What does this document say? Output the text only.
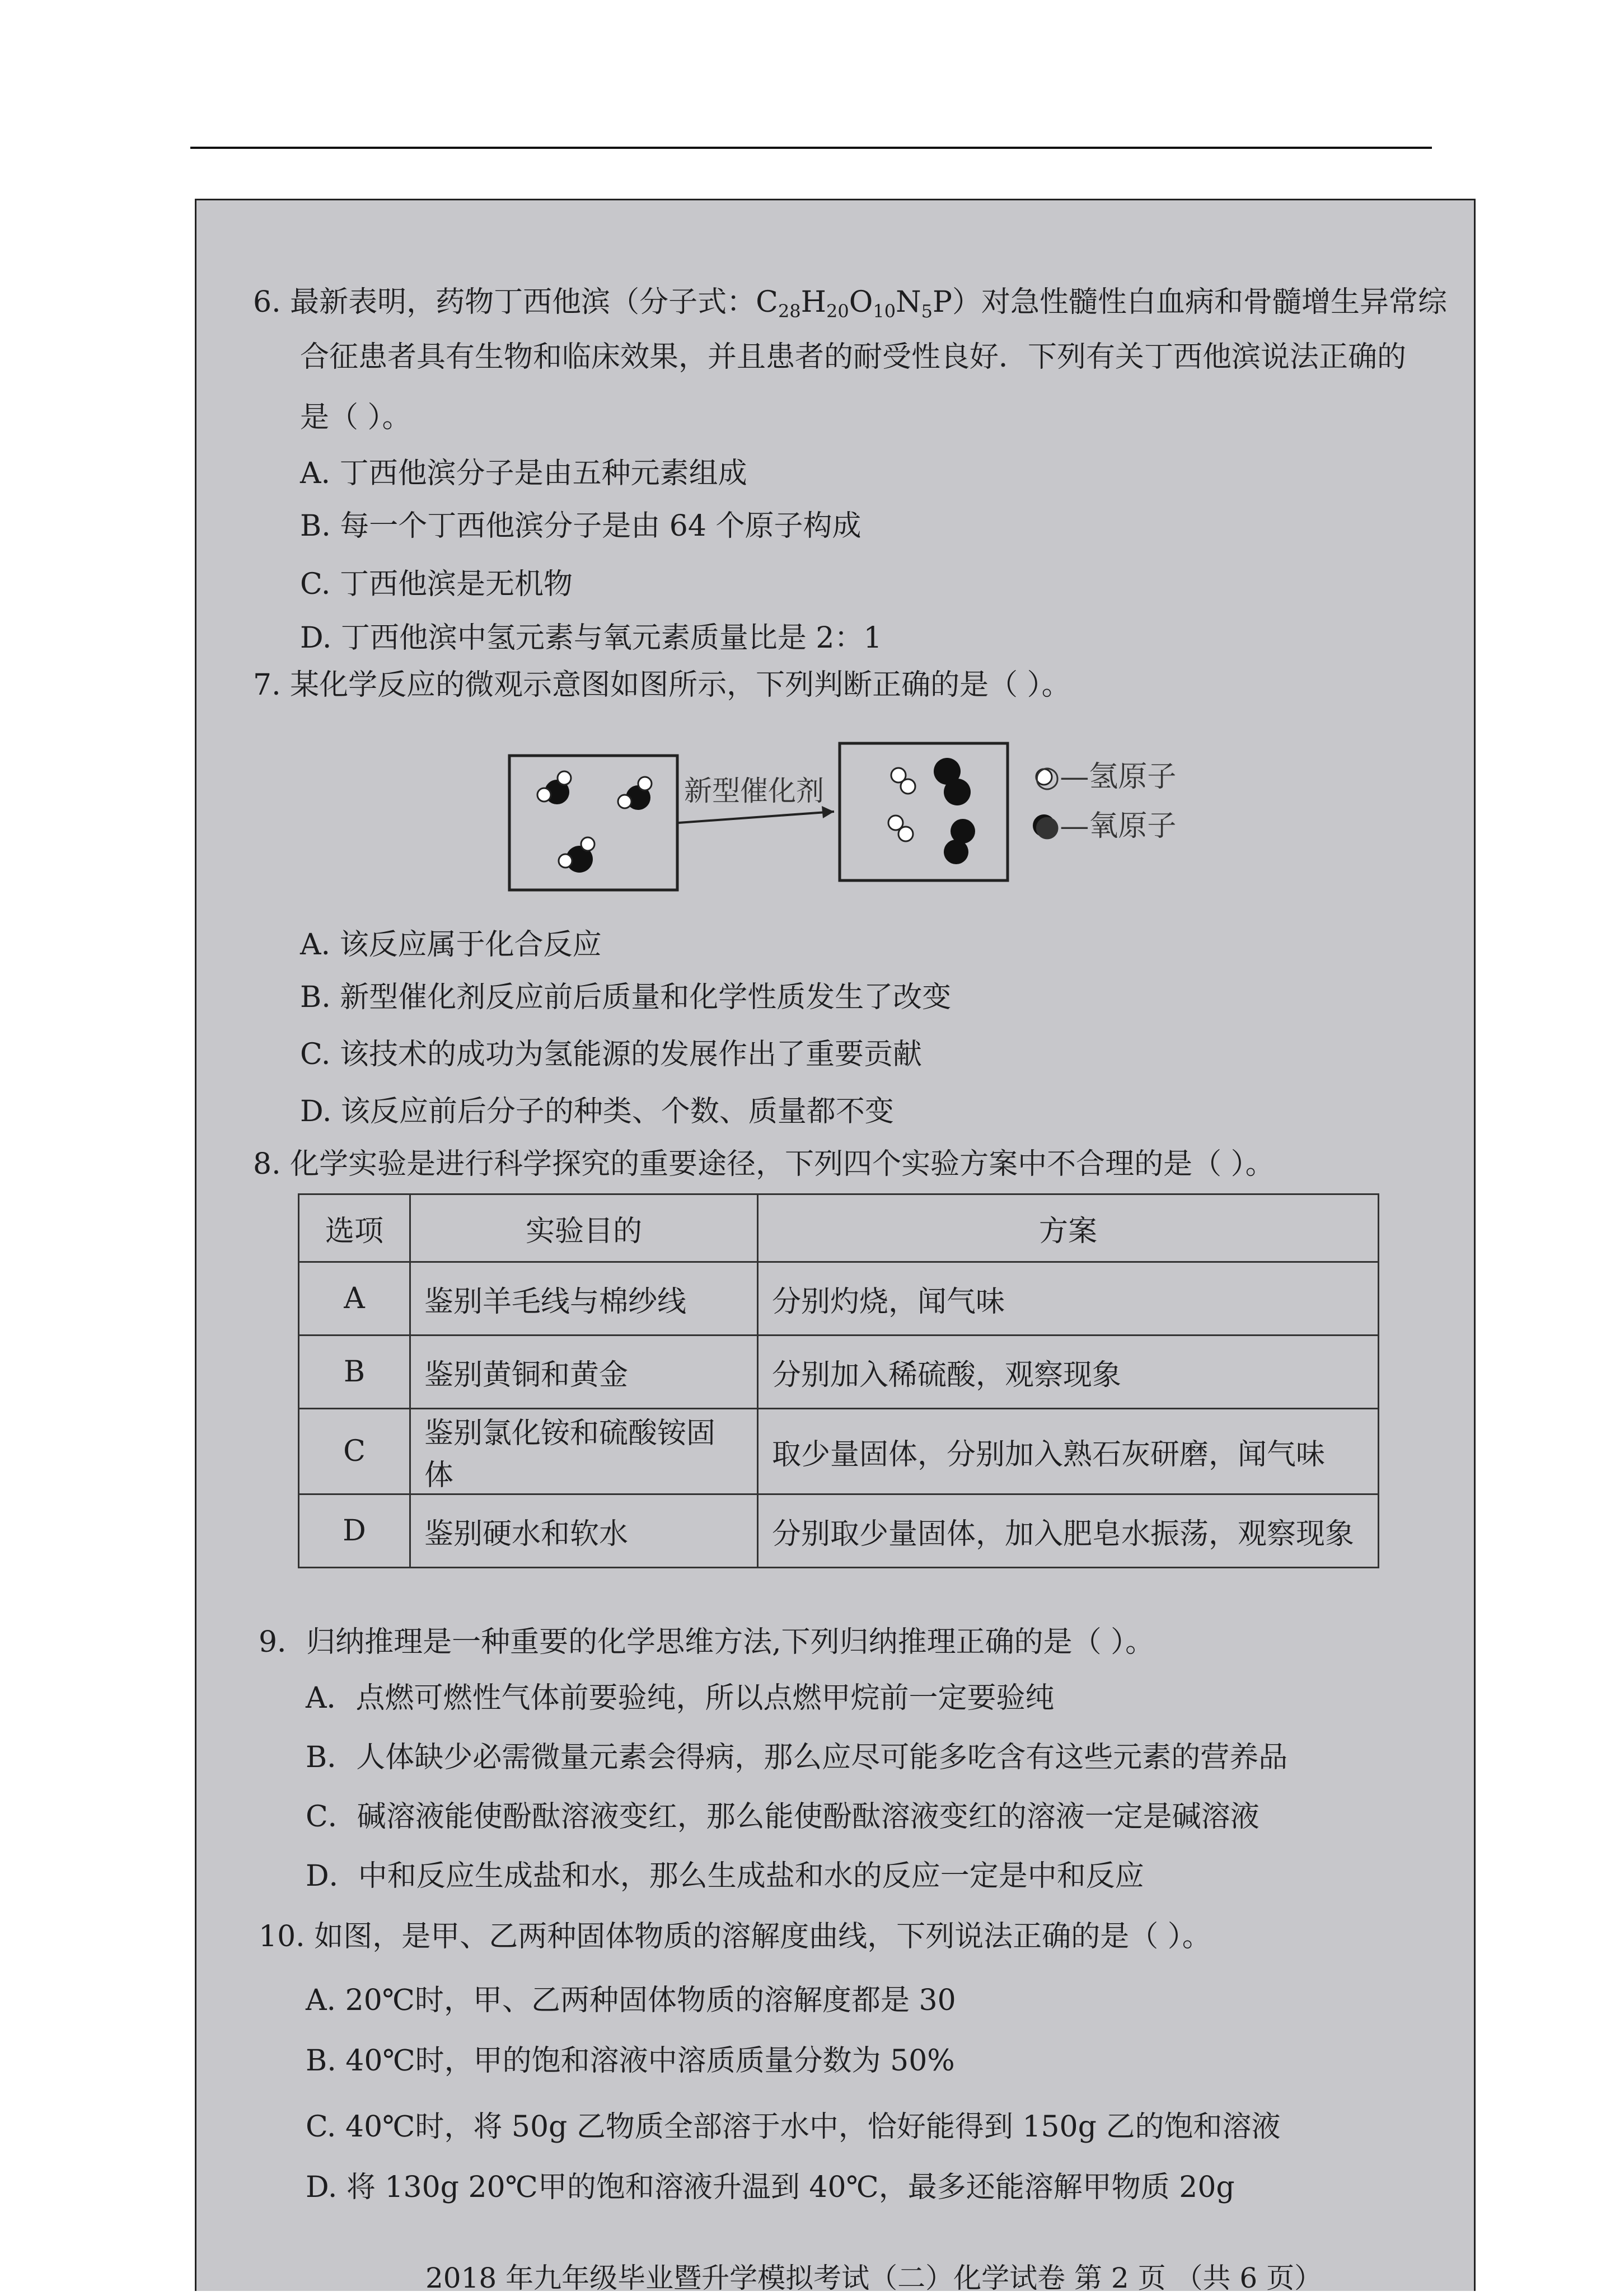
6. 最新表明，药物丁西他滨（分子式：$C_{28}H_{20}O_{10}N_5P$）对急性髓性白血病和骨髓增生异常综
合征患者具有生物和临床效果，并且患者的耐受性良好．下列有关丁西他滨说法正确的
是（ ）。
A. 丁西他滨分子是由五种元素组成
B. 每一个丁西他滨分子是由 64 个原子构成
C. 丁西他滨是无机物
D. 丁西他滨中氢元素与氧元素质量比是 2：1
7. 某化学反应的微观示意图如图所示，下列判断正确的是（ ）。
新型催化剂	○—氢原子
●—氧原子
A. 该反应属于化合反应
B. 新型催化剂反应前后质量和化学性质发生了改变
C. 该技术的成功为氢能源的发展作出了重要贡献
D. 该反应前后分子的种类、个数、质量都不变
8. 化学实验是进行科学探究的重要途径，下列四个实验方案中不合理的是（ ）。
选项	实验目的	方案
A	鉴别羊毛线与棉纱线	分别灼烧，闻气味
B	鉴别黄铜和黄金	分别加入稀硫酸，观察现象
C	鉴别氯化铵和硫酸铵固体	取少量固体，分别加入熟石灰研磨，闻气味
D	鉴别硬水和软水	分别取少量固体，加入肥皂水振荡，观察现象
9．归纳推理是一种重要的化学思维方法,下列归纳推理正确的是（ ）。
A．点燃可燃性气体前要验纯，所以点燃甲烷前一定要验纯
B．人体缺少必需微量元素会得病，那么应尽可能多吃含有这些元素的营养品
C．碱溶液能使酚酞溶液变红，那么能使酚酞溶液变红的溶液一定是碱溶液
D．中和反应生成盐和水，那么生成盐和水的反应一定是中和反应
10. 如图，是甲、乙两种固体物质的溶解度曲线，下列说法正确的是（ ）。
A. 20℃时，甲、乙两种固体物质的溶解度都是 30
B. 40℃时，甲的饱和溶液中溶质质量分数为 50%
C. 40℃时，将 50g 乙物质全部溶于水中，恰好能得到 150g 乙的饱和溶液
D. 将 130g 20℃甲的饱和溶液升温到 40℃，最多还能溶解甲物质 20g
2018 年九年级毕业暨升学模拟考试（二）化学试卷 第 2 页 （共 6 页）
